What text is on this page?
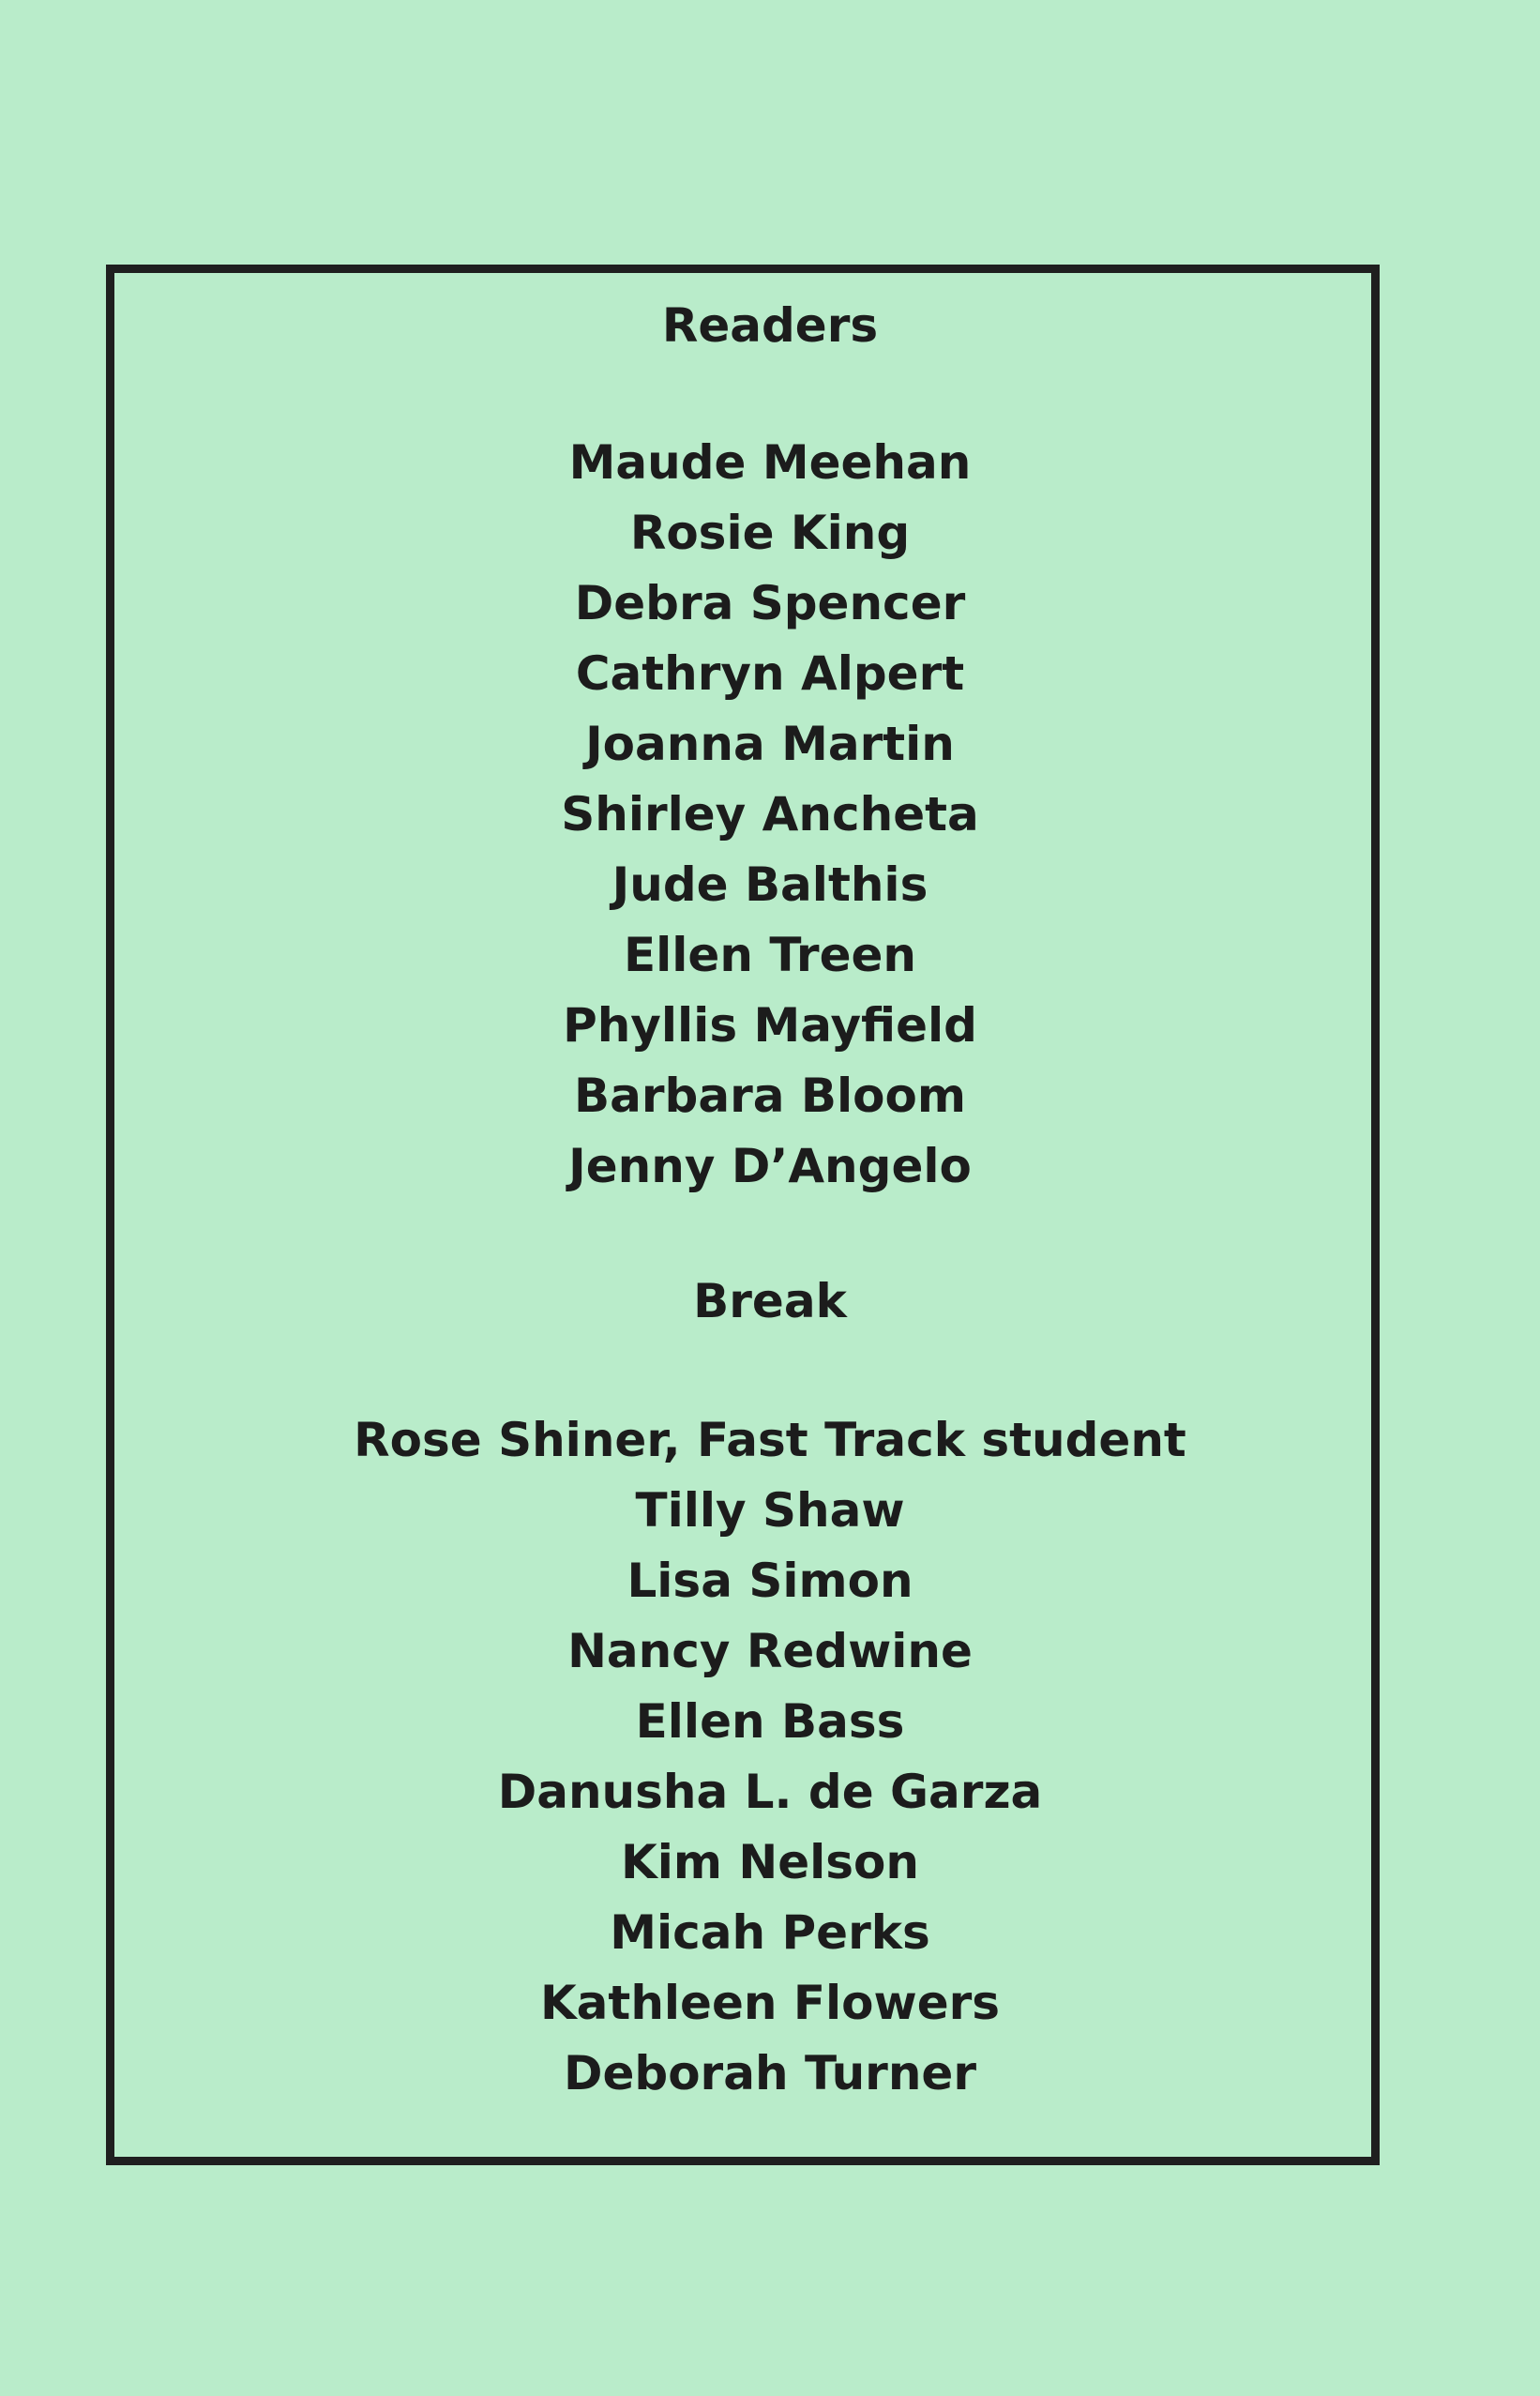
Readers
Maude Meehan
Rosie King
Debra Spencer
Cathryn Alpert
Joanna Martin
Shirley Ancheta
Jude Balthis
Ellen Treen
Phyllis Mayfield
Barbara Bloom
Jenny D’Angelo
Break
Rose Shiner, Fast Track student
Tilly Shaw
Lisa Simon
Nancy Redwine
Ellen Bass
Danusha L. de Garza
Kim Nelson
Micah Perks
Kathleen Flowers
Deborah Turner
